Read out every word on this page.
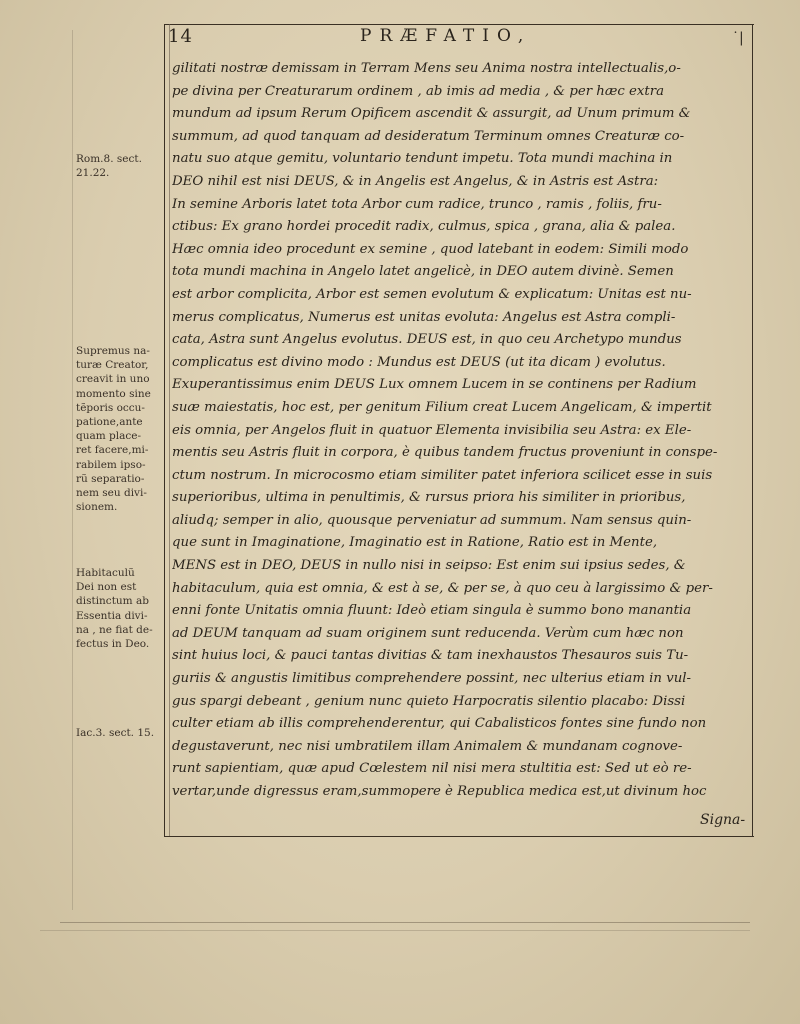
14	PRÆFATIO,	˙|
gilitati nostræ demissam in Terram Mens seu Anima nostra intellectualis,o-
pe divina per Creaturarum ordinem , ab imis ad media , & per hæc extra
mundum ad ipsum Rerum Opificem ascendit & assurgit, ad Unum primum &
summum, ad quod tanquam ad desideratum Terminum omnes Creaturæ co-
natu suo atque gemitu, voluntario tendunt impetu. Tota mundi machina in
DEO nihil est nisi DEUS, & in Angelis est Angelus, & in Astris est Astra:
In semine Arboris latet tota Arbor cum radice, trunco , ramis , foliis, fru-
ctibus: Ex grano hordei procedit radix, culmus, spica , grana, alia & palea.
Hæc omnia ideo procedunt ex semine , quod latebant in eodem: Simili modo
tota mundi machina in Angelo latet angelicè, in DEO autem divinè. Semen
est arbor complicita, Arbor est semen evolutum & explicatum: Unitas est nu-
merus complicatus, Numerus est unitas evoluta: Angelus est Astra compli-
cata, Astra sunt Angelus evolutus. DEUS est, in quo ceu Archetypo mundus
complicatus est divino modo : Mundus est DEUS (ut ita dicam ) evolutus.
Exuperantissimus enim DEUS Lux omnem Lucem in se continens per Radium
suæ maiestatis, hoc est, per genitum Filium creat Lucem Angelicam, & impertit
eis omnia, per Angelos fluit in quatuor Elementa invisibilia seu Astra: ex Ele-
mentis seu Astris fluit in corpora, è quibus tandem fructus proveniunt in conspe-
ctum nostrum. In microcosmo etiam similiter patet inferiora scilicet esse in suis
superioribus, ultima in penultimis, & rursus priora his similiter in prioribus,
aliudq; semper in alio, quousque perveniatur ad summum. Nam sensus quin-
que sunt in Imaginatione, Imaginatio est in Ratione, Ratio est in Mente,
MENS est in DEO, DEUS in nullo nisi in seipso: Est enim sui ipsius sedes, &
habitaculum, quia est omnia, & est à se, & per se, à quo ceu à largissimo & per-
enni fonte Unitatis omnia fluunt: Ideò etiam singula è summo bono manantia
ad DEUM tanquam ad suam originem sunt reducenda. Verùm cum hæc non
sint huius loci, & pauci tantas divitias & tam inexhaustos Thesauros suis Tu-
guriis & angustis limitibus comprehendere possint, nec ulterius etiam in vul-
gus spargi debeant , genium nunc quieto Harpocratis silentio placabo: Dissi
culter etiam ab illis comprehenderentur, qui Cabalisticos fontes sine fundo non
degustaverunt, nec nisi umbratilem illam Animalem & mundanam cognove-
runt sapientiam, quæ apud Cœlestem nil nisi mera stultitia est: Sed ut eò re-
vertar,unde digressus eram,summopere è Republica medica est,ut divinum hoc
Signa-
Rom.8. sect.
21.22.
Supremus na-
turæ Creator,
creavit in uno
momento sine
tẽporis occu-
patione,ante
quam place-
ret facere,mi-
rabilem ipso-
rũ separatio-
nem seu divi-
sionem.
Habitaculũ
Dei non est
distinctum ab
Essentia divi-
na , ne fiat de-
fectus in Deo.
Iac.3. sect. 15.
